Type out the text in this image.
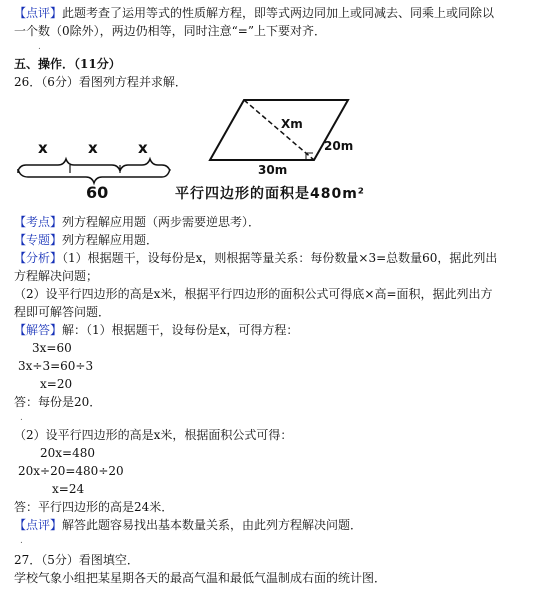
【点评】此题考查了运用等式的性质解方程，即等式两边同加上或同减去、同乘上或同除以
一个数（0除外），两边仍相等，同时注意“=”上下要对齐．
.
五、操作．（11分）
26．（6分）看图列方程并求解．
x	x	x
60
Xm
20m
30m
平行四边形的面积是480m²
【考点】列方程解应用题（两步需要逆思考）．
【专题】列方程解应用题．
【分析】（1）根据题干，设每份是x，则根据等量关系：每份数量×3=总数量60，据此列出
方程解决问题；
（2）设平行四边形的高是x米，根据平行四边形的面积公式可得底×高=面积，据此列出方
程即可解答问题．
【解答】解：（1）根据题干，设每份是x，可得方程：
3x=60
3x÷3=60÷3
x=20
答：每份是20．
.
（2）设平行四边形的高是x米，根据面积公式可得：
20x=480
20x÷20=480÷20
x=24
答：平行四边形的高是24米．
【点评】解答此题容易找出基本数量关系，由此列方程解决问题．
.
27．（5分）看图填空．
学校气象小组把某星期各天的最高气温和最低气温制成右面的统计图．
